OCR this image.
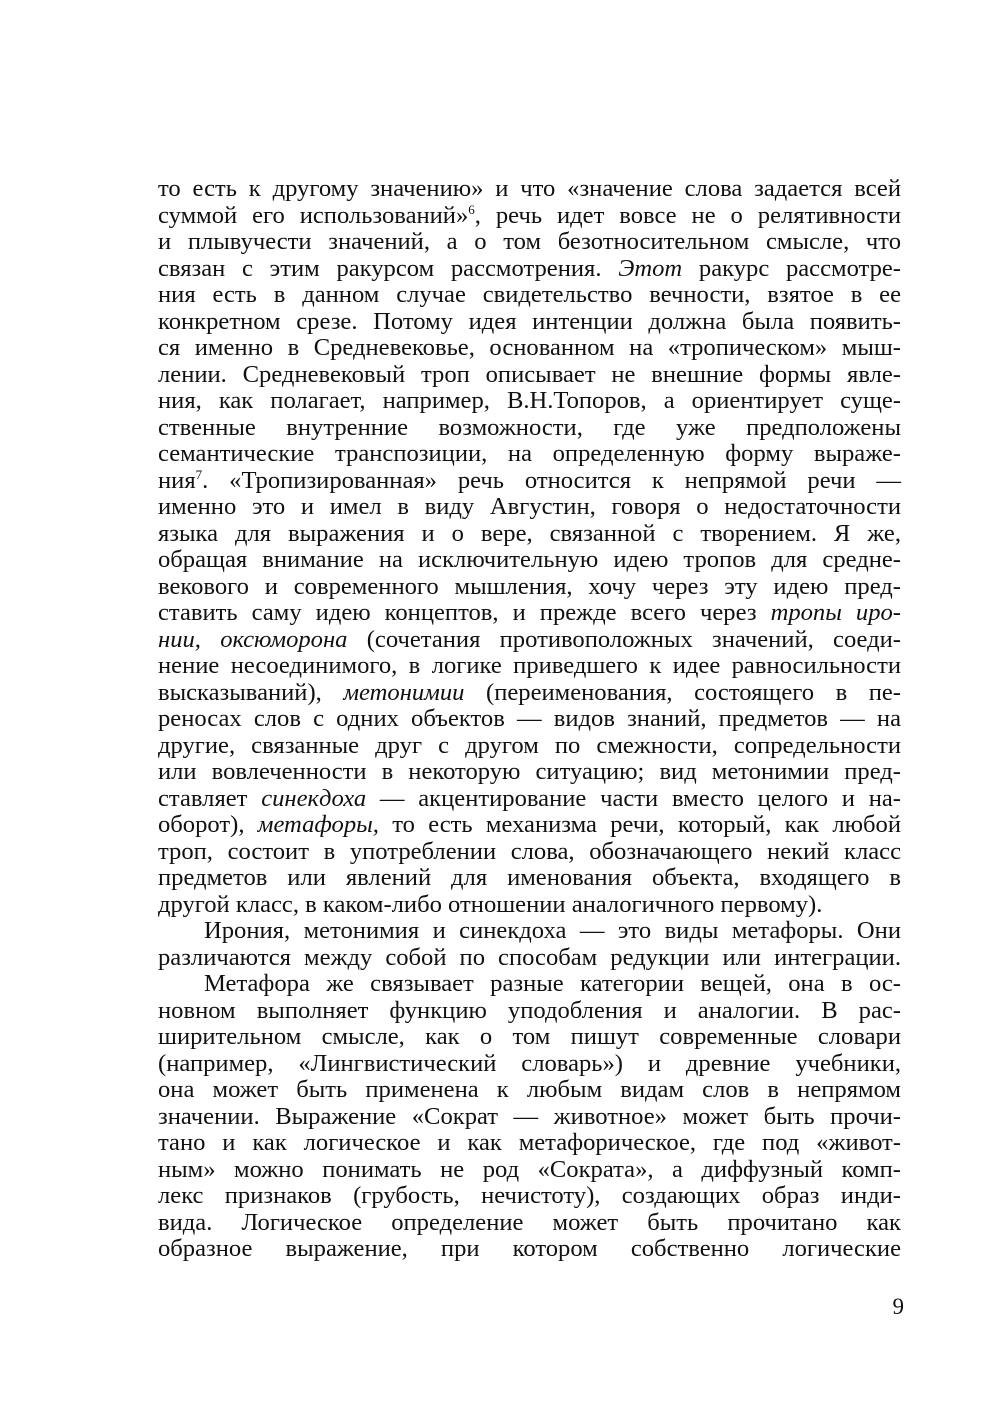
то есть к другому значению» и что «значение слова задается всей
суммой его использований»$^6$, речь идет вовсе не о релятивности
и плывучести значений, а о том безотносительном смысле, что
связан с этим ракурсом рассмотрения. Этот ракурс рассмотре-
ния есть в данном случае свидетельство вечности, взятое в ее
конкретном срезе. Потому идея интенции должна была появить-
ся именно в Средневековье, основанном на «тропическом» мыш-
лении. Средневековый троп описывает не внешние формы явле-
ния, как полагает, например, В.Н.Топоров, а ориентирует суще-
ственные внутренние возможности, где уже предположены
семантические транспозиции, на определенную форму выраже-
ния$^7$. «Тропизированная» речь относится к непрямой речи —
именно это и имел в виду Августин, говоря о недостаточности
языка для выражения и о вере, связанной с творением. Я же,
обращая внимание на исключительную идею тропов для средне-
векового и современного мышления, хочу через эту идею пред-
ставить саму идею концептов, и прежде всего через тропы иро-
нии, оксюморона (сочетания противоположных значений, соеди-
нение несоединимого, в логике приведшего к идее равносильности
высказываний), метонимии (переименования, состоящего в пе-
реносах слов с одних объектов — видов знаний, предметов — на
другие, связанные друг с другом по смежности, сопредельности
или вовлеченности в некоторую ситуацию; вид метонимии пред-
ставляет синекдоха — акцентирование части вместо целого и на-
оборот), метафоры, то есть механизма речи, который, как любой
троп, состоит в употреблении слова, обозначающего некий класс
предметов или явлений для именования объекта, входящего в
другой класс, в каком-либо отношении аналогичного первому).
Ирония, метонимия и синекдоха — это виды метафоры. Они
различаются между собой по способам редукции или интеграции.
Метафора же связывает разные категории вещей, она в ос-
новном выполняет функцию уподобления и аналогии. В рас-
ширительном смысле, как о том пишут современные словари
(например, «Лингвистический словарь») и древние учебники,
она может быть применена к любым видам слов в непрямом
значении. Выражение «Сократ — животное» может быть прочи-
тано и как логическое и как метафорическое, где под «живот-
ным» можно понимать не род «Сократа», а диффузный комп-
лекс признаков (грубость, нечистоту), создающих образ инди-
вида. Логическое определение может быть прочитано как
образное выражение, при котором собственно логические
9
